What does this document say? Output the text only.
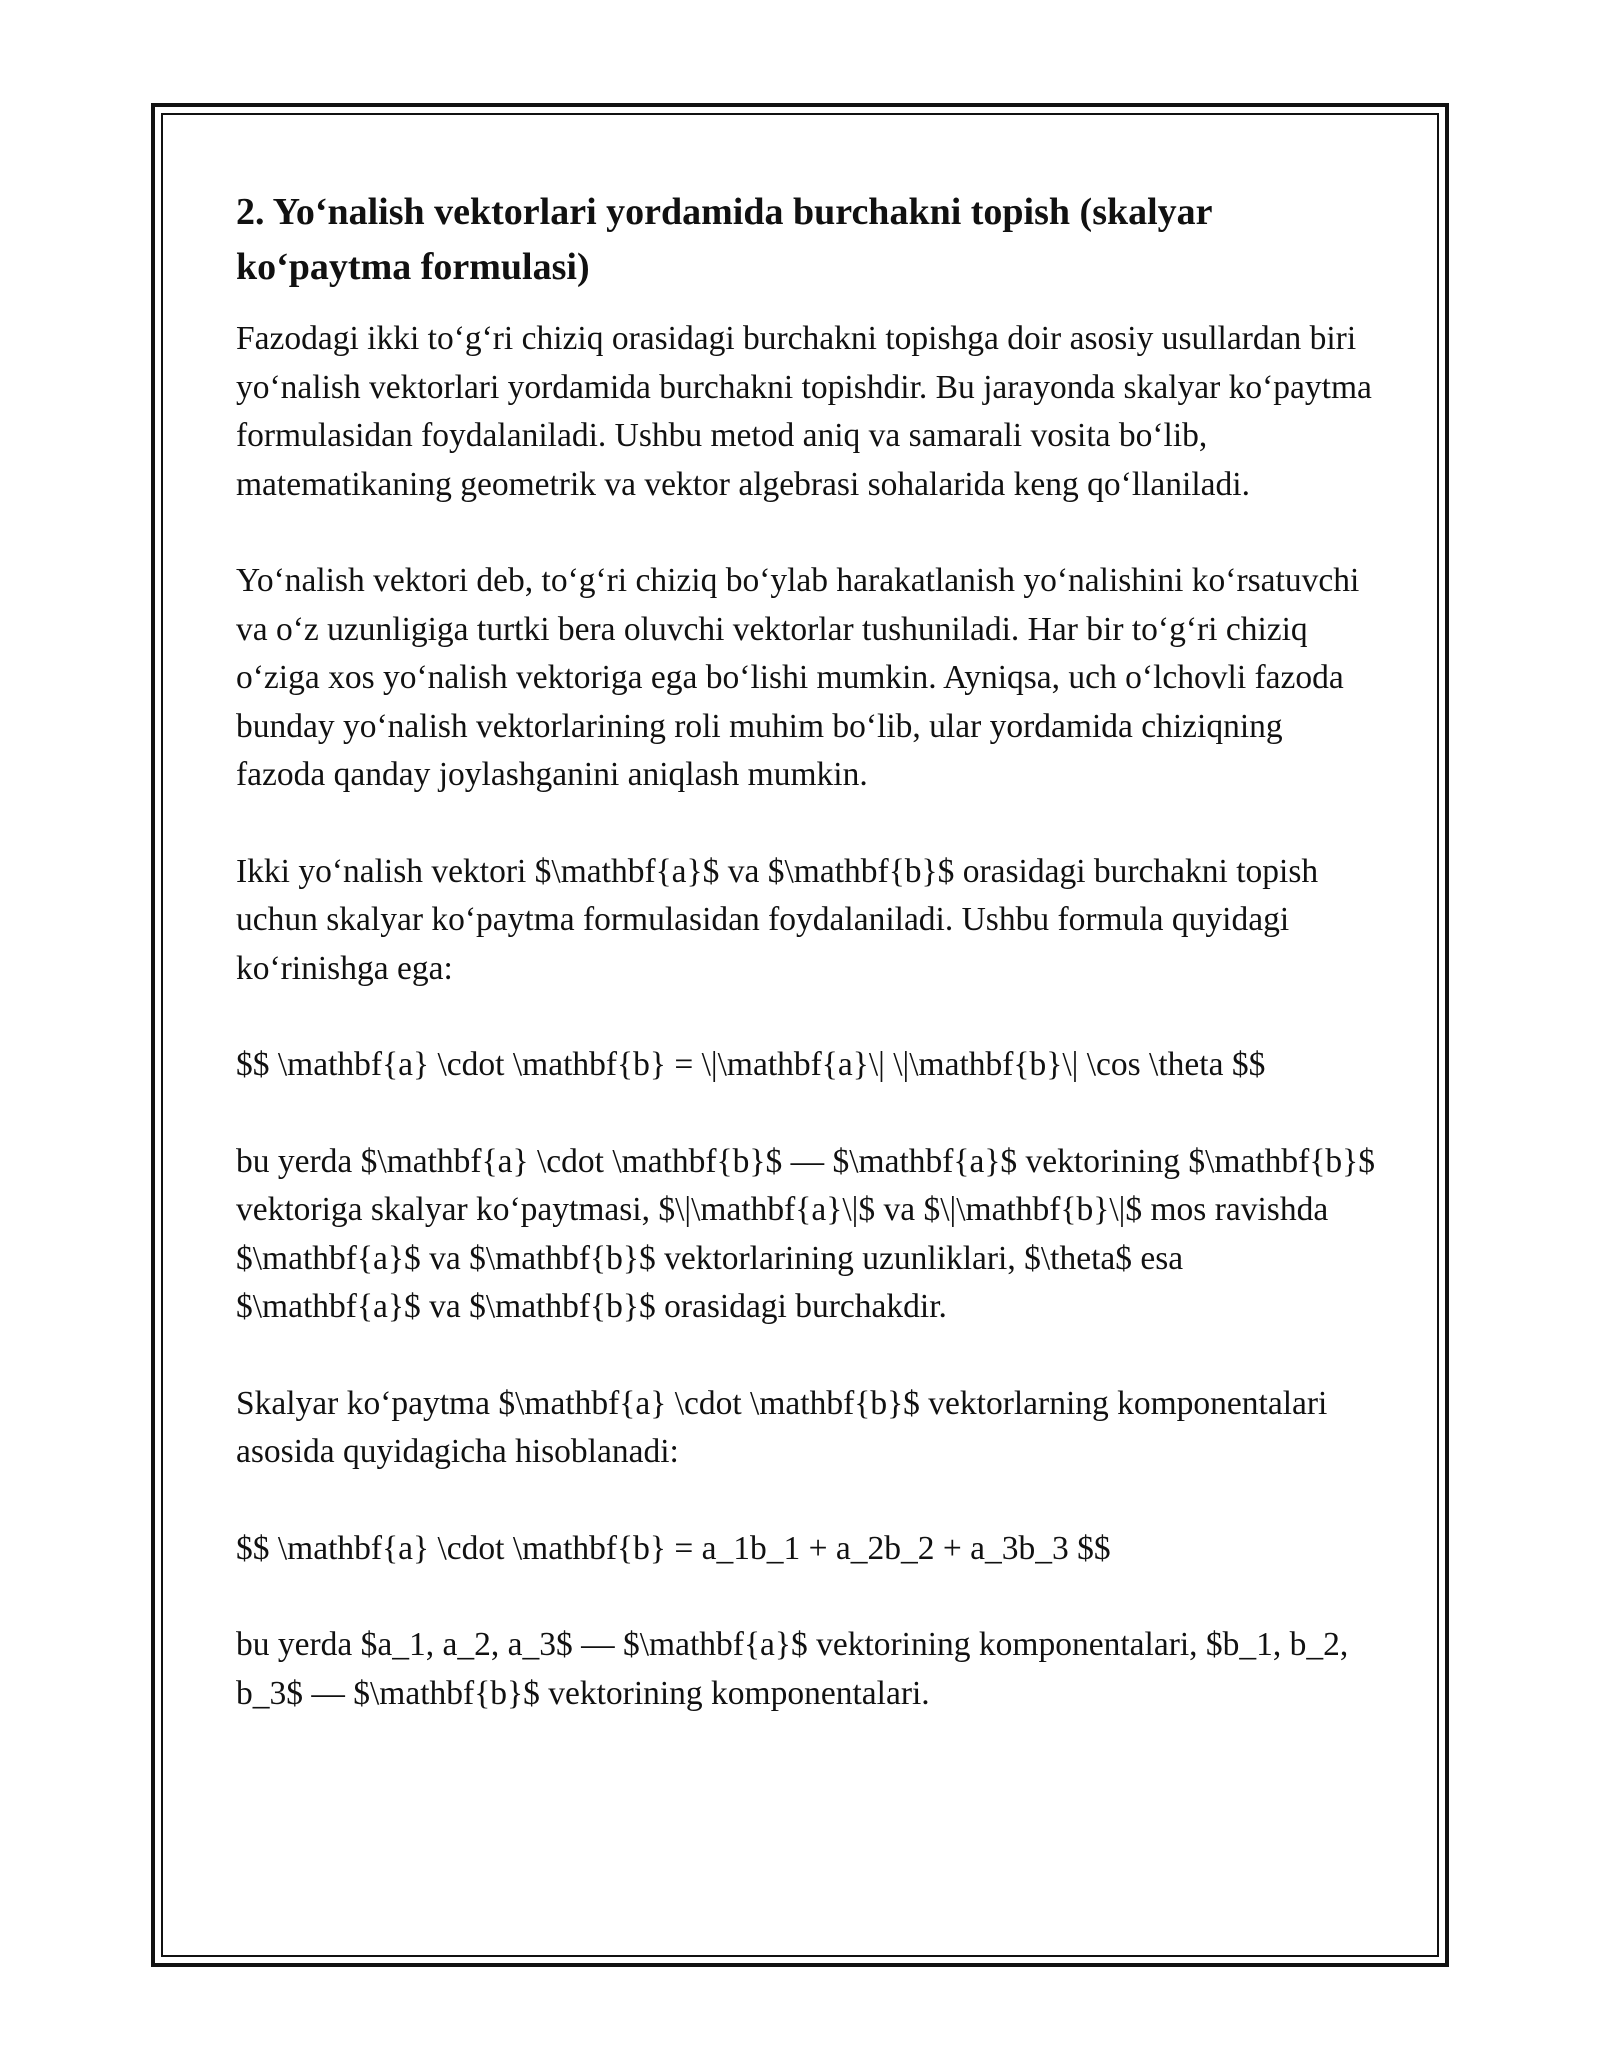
2. Yo‘nalish vektorlari yordamida burchakni topish (skalyar ko‘paytma formulasi)

Fazodagi ikki to‘g‘ri chiziq orasidagi burchakni topishga doir asosiy usullardan biri yo‘nalish vektorlari yordamida burchakni topishdir. Bu jarayonda skalyar ko‘paytma formulasidan foydalaniladi. Ushbu metod aniq va samarali vosita bo‘lib, matematikaning geometrik va vektor algebrasi sohalarida keng qo‘llaniladi.

Yo‘nalish vektori deb, to‘g‘ri chiziq bo‘ylab harakatlanish yo‘nalishini ko‘rsatuvchi va o‘z uzunligiga turtki bera oluvchi vektorlar tushuniladi. Har bir to‘g‘ri chiziq o‘ziga xos yo‘nalish vektoriga ega bo‘lishi mumkin. Ayniqsa, uch o‘lchovli fazoda bunday yo‘nalish vektorlarining roli muhim bo‘lib, ular yordamida chiziqning fazoda qanday joylashganini aniqlash mumkin.

Ikki yo‘nalish vektori $\mathbf{a}$ va $\mathbf{b}$ orasidagi burchakni topish uchun skalyar ko‘paytma formulasidan foydalaniladi. Ushbu formula quyidagi ko‘rinishga ega:

$$ \mathbf{a} \cdot \mathbf{b} = \|\mathbf{a}\| \|\mathbf{b}\| \cos \theta $$

bu yerda $\mathbf{a} \cdot \mathbf{b}$ — $\mathbf{a}$ vektorining $\mathbf{b}$ vektoriga skalyar ko‘paytmasi, $\|\mathbf{a}\|$ va $\|\mathbf{b}\|$ mos ravishda $\mathbf{a}$ va $\mathbf{b}$ vektorlarining uzunliklari, $\theta$ esa $\mathbf{a}$ va $\mathbf{b}$ orasidagi burchakdir.

Skalyar ko‘paytma $\mathbf{a} \cdot \mathbf{b}$ vektorlarning komponentalari asosida quyidagicha hisoblanadi:

$$ \mathbf{a} \cdot \mathbf{b} = a_1b_1 + a_2b_2 + a_3b_3 $$

bu yerda $a_1, a_2, a_3$ — $\mathbf{a}$ vektorining komponentalari, $b_1, b_2, b_3$ — $\mathbf{b}$ vektorining komponentalari.
